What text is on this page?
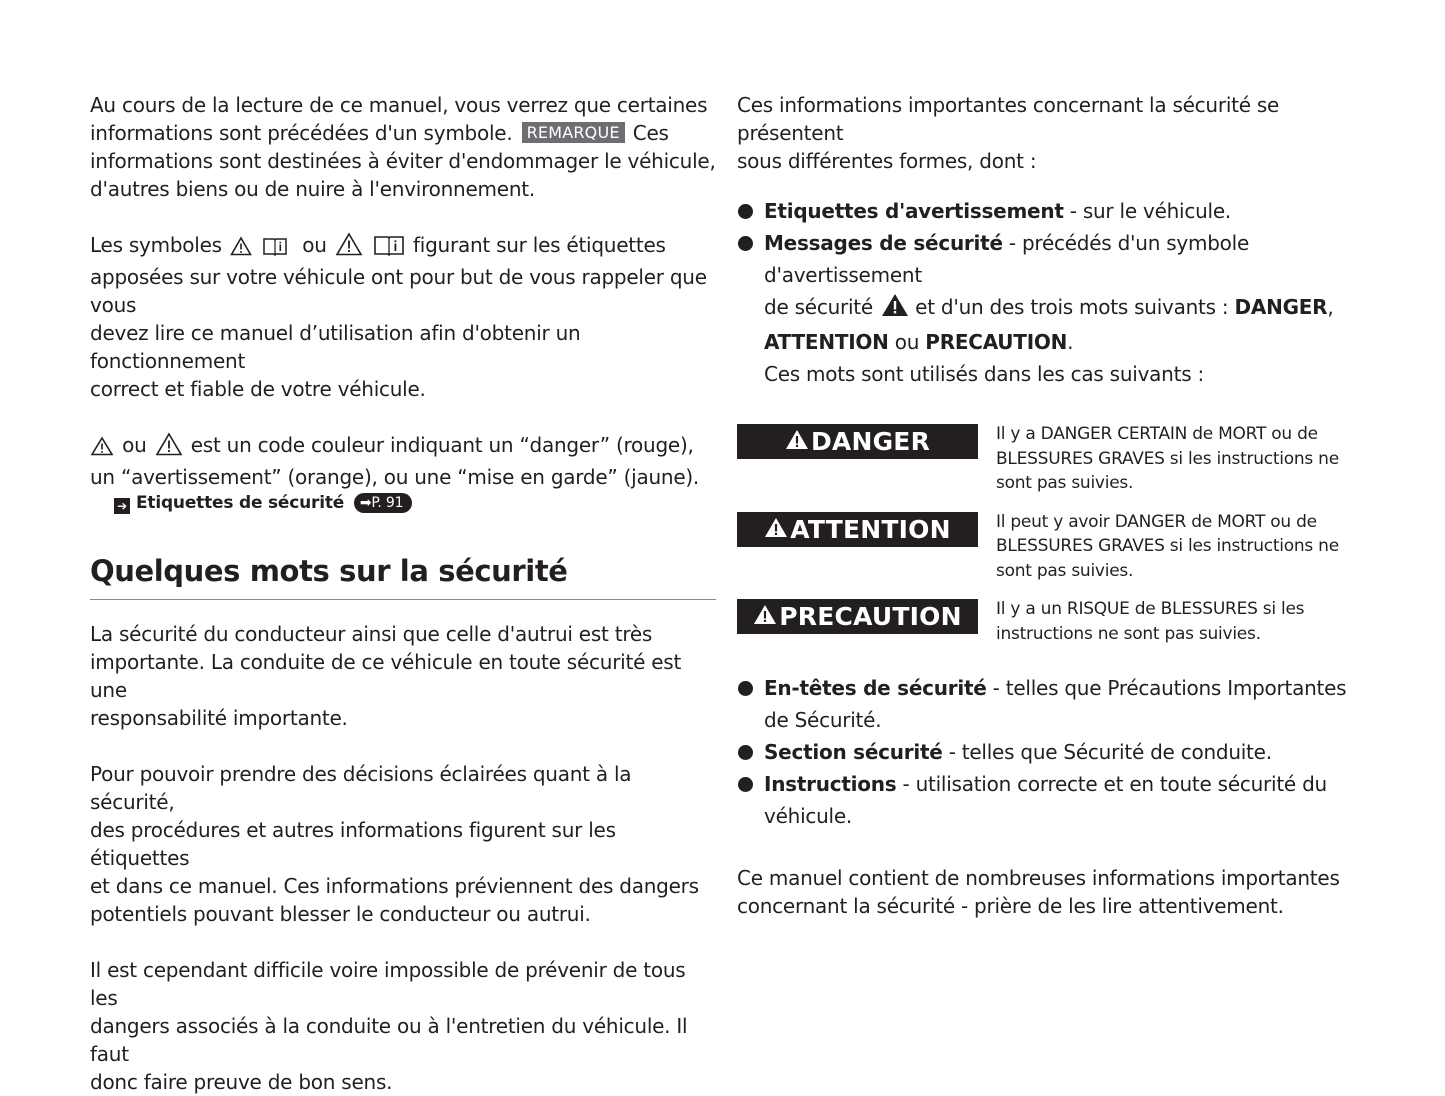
Au cours de la lecture de ce manuel, vous verrez que certaines
informations sont précédées d'un symbole. REMARQUE Ces
informations sont destinées à éviter d'endommager le véhicule,
d'autres biens ou de nuire à l'environnement.

Les symboles	ou	figurant sur les étiquettes
apposées sur votre véhicule ont pour but de vous rappeler que vous
devez lire ce manuel d’utilisation afin d'obtenir un fonctionnement
correct et fiable de votre véhicule.

ou est un code couleur indiquant un “danger” (rouge),
un “avertissement” (orange), ou une “mise en garde” (jaune).

➔ Etiquettes de sécurité ➡P. 91
Quelques mots sur la sécurité

La sécurité du conducteur ainsi que celle d'autrui est très
importante. La conduite de ce véhicule en toute sécurité est une
responsabilité importante.

Pour pouvoir prendre des décisions éclairées quant à la sécurité,
des procédures et autres informations figurent sur les étiquettes
et dans ce manuel. Ces informations préviennent des dangers
potentiels pouvant blesser le conducteur ou autrui.

Il est cependant difficile voire impossible de prévenir de tous les
dangers associés à la conduite ou à l'entretien du véhicule. Il faut
donc faire preuve de bon sens.

Ces informations importantes concernant la sécurité se présentent
sous différentes formes, dont :

Etiquettes d'avertissement - sur le véhicule.
Messages de sécurité - précédés d'un symbole d'avertissement
de sécurité  et d'un des trois mots suivants : DANGER,
ATTENTION ou PRECAUTION.
Ces mots sont utilisés dans les cas suivants :
DANGER	Il y a DANGER CERTAIN de MORT ou de
BLESSURES GRAVES si les instructions ne
sont pas suivies.
ATTENTION	Il peut y avoir DANGER de MORT ou de
BLESSURES GRAVES si les instructions ne
sont pas suivies.
PRECAUTION Il y a un RISQUE de BLESSURES si les
instructions ne sont pas suivies.
En-têtes de sécurité - telles que Précautions Importantes
de Sécurité.
Section sécurité - telles que Sécurité de conduite.
Instructions - utilisation correcte et en toute sécurité du
véhicule.

Ce manuel contient de nombreuses informations importantes
concernant la sécurité - prière de les lire attentivement.
